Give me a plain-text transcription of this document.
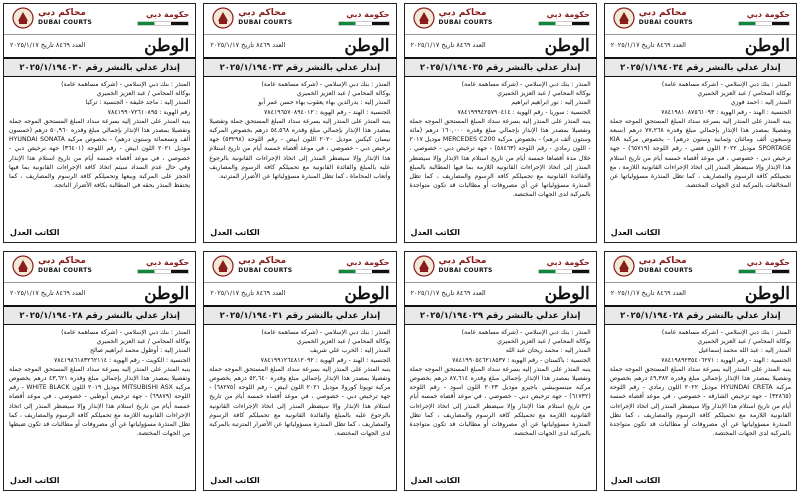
محاكم دبي
DUBAI COURTS
حكومة دبي
الوطن
العدد ٨٤٦٩ تاريخ ٢٠٢٥/١/١٧
إنذار عدلي بالنشر رقم ٢٠٢٥/١/١٩٤٠٣٠

المنذر : بنك دبي الإسلامي - (شركة مساهمة عامة)

بوكالة المحامي / عبد العزيز الخميري

المنذر إليه : ماجد خليفة - الجنسية : تركيا

رقم الهوية : ٧٨٤١٩٩٠٧٢٦١٠٨٩٥

ينبه المنذر على المنذر إليه بسرعة سداد المبلغ المستحق الموجه جملة وتفصيلا بمصدر هذا الإنذار بإجمالي مبلغ وقدره ٥٠,٩٦٠ درهم (خمسون ألف وتسعمائة وستون درهم) - بخصوص مركبة HYUNDAI SONATA موديل ٢٠٢١ اللون ابيض - رقم اللوحة (٣٦٤٠١) جهة ترخيص دبي - خصوصي ، في موعد أقصاه خمسة أيام من تاريخ استلام هذا الإنذار وفي حال عدم السداد سيتم اتخاذ كافة الإجراءات القانونية بما فيها الحجز على المركبة وبيعها وتحميلكم كافة الرسوم والمصاريف ، كما يحتفظ المنذر بحقه في المطالبة بكافة الأضرار الناتجة.

الكاتب العدل
محاكم دبي
DUBAI COURTS
حكومة دبي
الوطن
العدد ٨٤٦٩ تاريخ ٢٠٢٥/١/١٧
إنذار عدلي بالنشر رقم ٢٠٢٥/١/١٩٤٠٣٣

المنذر : بنك دبي الإسلامي - (شركة مساهمة عامة)

بوكالة المحامي / عبد العزيز الخميري

المنذر إليه : بدرالدين بهاء يعقوب بهاء حسن عمر أبو

الجنسية : الهند - رقم الهوية : ٧٨٤١٩٦٥٧٠٨٩٤٠١٢

ينبه المنذر على المنذر إليه بسرعة سداد المبلغ المستحق جملة وتفصيلا بمصدر هذا الإنذار بإجمالي مبلغ وقدره ٥٤,٥٦٨ درهم بخصوص المركبة نيسان كيكس موديل ٢٠٢٠ اللون ابيض - رقم اللوحة (٥٣٢٩٨) جهة ترخيص دبي - خصوصي ، في موعد أقصاه خمسة أيام من تاريخ استلام هذا الإنذار وإلا سيضطر المنذر إلى اتخاذ الإجراءات القانونية بالرجوع عليه بالمبلغ والفائدة القانونية مع تحميلكم كافة الرسوم والمصاريف وأتعاب المحاماة ، كما تظل المنذرة مسؤولياتها عن الأضرار المترتبة.

الكاتب العدل
محاكم دبي
DUBAI COURTS
حكومة دبي
الوطن
العدد ٨٤٦٩ تاريخ ٢٠٢٥/١/١٧
إنذار عدلي بالنشر رقم ٢٠٢٥/١/١٩٤٠٣٥

المنذر : بنك دبي الإسلامي - (شركة مساهمة عامة)

بوكالة المحامي / عبد العزيز الخميري

المنذر إليه : نور ابراهيم ابراهيم

الجنسية : سوريا - رقم الهوية : ٧٨٤١٩٩٩٤٢٥٧٩٠٤١٤

ينبه المنذر على المنذر إليه بسرعة سداد المبلغ المستحق الموجه جملة وتفصيلا بمصدر هذا الإنذار بإجمالي مبلغ وقدره ١٦٠,٠٠٠ درهم (مائة وستون ألف درهم) - بخصوص مركبة MERCEDES C200 موديل ٢٠١٧ - اللون رمادي - رقم اللوحة (٥٨٤٦٣) - جهة ترخيص دبي - خصوصي ، خلال مدة أقصاها خمسة أيام من تاريخ استلام هذا الإنذار وإلا سيضطر المنذر إلى اتخاذ الإجراءات القانونية اللازمة بما فيها المطالبة بالمبلغ والفائدة القانونية مع تحميلكم كافة الرسوم والمصاريف ، كما تظل المنذرة مسؤولياتها عن أي مصروفات أو مطالبات قد تكون متواجدة بالمركبة لدى الجهات المختصة.

الكاتب العدل
محاكم دبي
DUBAI COURTS
حكومة دبي
الوطن
العدد ٨٤٦٩ تاريخ ٢٠٢٥/١/١٧
إنذار عدلي بالنشر رقم ٢٠٢٥/١/١٩٤٠٣٤

المنذر : بنك دبي الإسلامي - (شركة مساهمة عامة)

بوكالة المحامي / عبد العزيز الخميري

المنذر إليه : احمد فوزي

الجنسية : الهند - رقم الهوية : ٧٨٤١٩٨١٠٨٧٥٦١٠٩٣

ينبه المنذر على المنذر إليه بسرعة سداد المبلغ المستحق الموجه جملة وتفصيلا بمصدر هذا الإنذار بإجمالي مبلغ وقدره ٧٧,٢٦٨ درهم (سبعة وسبعون ألف ومائتان وثمانية وستون درهم) - بخصوص مركبة KIA SPORTAGE موديل ٢٠٢٢ اللون فضي - رقم اللوحة (٦٥٧١٩) - جهة ترخيص دبي - خصوصي ، في موعد أقصاه خمسة أيام من تاريخ استلام هذا الإنذار وإلا سيضطر المنذر إلى اتخاذ الإجراءات القانونية اللازمة ، مع تحميلكم كافة الرسوم والمصاريف ، كما تظل المنذرة مسؤولياتها عن المخالفات بالمركبة لدى الجهات المختصة.

الكاتب العدل
محاكم دبي
DUBAI COURTS
حكومة دبي
الوطن
العدد ٨٤٦٩ تاريخ ٢٠٢٥/١/١٧
إنذار عدلي بالنشر رقم ٢٠٢٥/١/١٩٤٠٢٨

المنذر : بنك دبي الإسلامي - (شركة مساهمة عامة)

بوكالة المحامي / عبد العزيز الخميري

المنذر إليه : أوطول محمد ابراهيم صالح

الجنسية : الكويت - رقم الهوية : ٧٨٤١٩٨٦١٨٣٢٦٢١١٤

ينبه المنذر على المنذر إليه بسرعة سداد المبلغ المستحق الموجه جملة وتفصيلا بمصدر هذا الإنذار بإجمالي مبلغ وقدره ٤٣,٦٢١ درهم بخصوص مركبة MITSUBISHI ASX موديل ٢٠١٩ اللون WHITE BLACK - رقم اللوحة (٦٩٨٧٩) - جهة ترخيص أبوظبي - خصوصي ، في موعد أقصاه خمسة أيام من تاريخ استلام هذا الإنذار وإلا سيضطر المنذر إلى اتخاذ الإجراءات القانونية اللازمة مع تحميلكم كافة الرسوم والمصاريف ، كما تظل المنذرة مسؤولياتها عن أي مصروفات أو مطالبات قد تكون ضبطها من الجهات المختصة.

الكاتب العدل
محاكم دبي
DUBAI COURTS
حكومة دبي
الوطن
العدد ٨٤٦٩ تاريخ ٢٠٢٥/١/١٧
إنذار عدلي بالنشر رقم ٢٠٢٥/١/١٩٤٠٣١

المنذر : بنك دبي الإسلامي - (شركة مساهمة عامة)

بوكالة المحامي / عبد العزيز الخميري

المنذر إليه : الحرب علي شريف

الجنسية : الهند - رقم الهوية : ٧٨٤١٩٩١٢٦٤٨١٢٠٩٢

ينبه المنذر على المنذر إليه بسرعة سداد المبلغ المستحق الموجه جملة وتفصيلا بمصدر هذا الإنذار بإجمالي مبلغ وقدره ٥٢,٦٤٠ درهم بخصوص مركبة تويوتا كورولا موديل ٢٠٢١ اللون ابيض - رقم اللوحة (٦٨٢٧٥) - جهة ترخيص دبي - خصوصي ، في موعد أقصاه خمسة أيام من تاريخ استلام هذا الإنذار وإلا سيضطر المنذر إلى اتخاذ الإجراءات القانونية بالرجوع عليه بالمبلغ والفائدة القانونية مع تحميلكم كافة الرسوم والمصاريف ، كما تظل المنذرة مسؤولياتها عن الأضرار المترتبة بالمركبة لدى الجهات المختصة.

الكاتب العدل
محاكم دبي
DUBAI COURTS
حكومة دبي
الوطن
العدد ٨٤٦٩ تاريخ ٢٠٢٥/١/١٧
إنذار عدلي بالنشر رقم ٢٠٢٥/١/١٩٤٠٢٩

المنذر : بنك دبي الإسلامي - (شركة مساهمة عامة)

بوكالة المحامي / عبد العزيز الخميري

المنذر إليه : محمد ريحان عبد الله

الجنسية : باكستان - رقم الهوية : ٧٨٤١٩٩٠٥٤٦٢١٨٥٣٧

ينبه المنذر على المنذر إليه بسرعة سداد المبلغ المستحق الموجه جملة وتفصيلا بمصدر هذا الإنذار بإجمالي مبلغ وقدره ٨٧,٦١٤ درهم بخصوص مركبة ميتسوبيشي باجيرو موديل ٢٠٢٣ اللون اسود - رقم اللوحة (٦١٧٣٢) - جهة ترخيص دبي - خصوصي ، في موعد أقصاه خمسة أيام من تاريخ استلام هذا الإنذار وإلا سيضطر المنذر إلى اتخاذ الإجراءات القانونية اللازمة مع تحميلكم كافة الرسوم والمصاريف ، كما تظل المنذرة مسؤولياتها عن أي مصروفات أو مطالبات قد تكون متواجدة بالمركبة لدى الجهات المختصة.

الكاتب العدل
محاكم دبي
DUBAI COURTS
حكومة دبي
الوطن
العدد ٨٤٦٩ تاريخ ٢٠٢٥/١/١٧
إنذار عدلي بالنشر رقم ٢٠٢٥/١/١٩٤٠٢٨

المنذر : بنك دبي الإسلامي - (شركة مساهمة عامة)

بوكالة المحامي / عبد العزيز الخميري

المنذر إليه : عبد الله محمد إسماعيل

الجنسية : الهند - رقم الهوية : ٧٨٤١٩٨٩٢٣٥٤٠٦٢٧١

ينبه المنذر على المنذر إليه بسرعة سداد المبلغ المستحق الموجه جملة وتفصيلا بمصدر هذا الإنذار بإجمالي مبلغ وقدره ٤٩,٣٨٢ درهم بخصوص مركبة HYUNDAI CRETA موديل ٢٠٢٢ اللون رمادي - رقم اللوحة (٣٢٨٦٥) - جهة ترخيص الشارقة - خصوصي ، في موعد أقصاه خمسة أيام من تاريخ استلام هذا الإنذار وإلا سيضطر المنذر إلى اتخاذ الإجراءات القانونية اللازمة مع تحميلكم كافة الرسوم والمصاريف ، كما تظل المنذرة مسؤولياتها عن أي مصروفات أو مطالبات قد تكون متواجدة بالمركبة لدى الجهات المختصة.

الكاتب العدل
